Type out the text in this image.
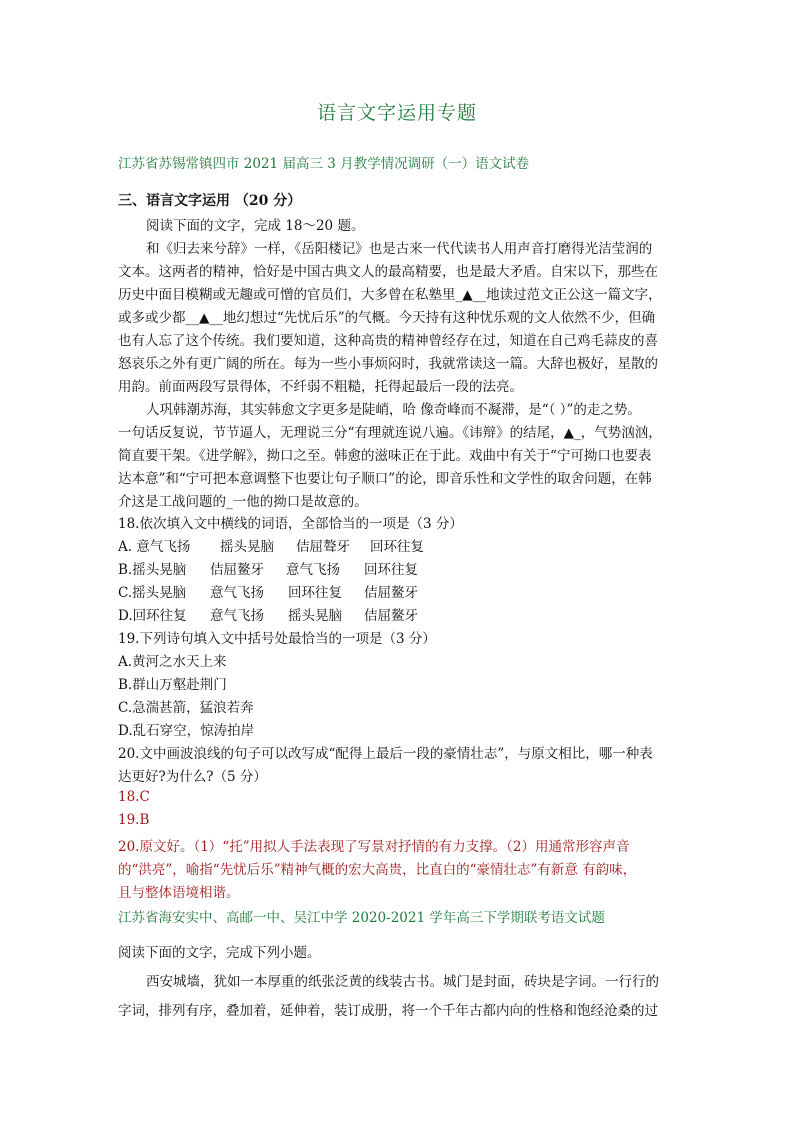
语言文字运用专题
江苏省苏锡常镇四市 2021 届高三 3 月教学情况调研（一）语文试卷
三、语言文字运用 （20 分）
阅读下面的文字，完成 18～20 题。
和《归去来兮辞》一样，《岳阳楼记》也是古来一代代读书人用声音打磨得光洁莹润的
文本。这两者的精神，恰好是中国古典文人的最高精要，也是最大矛盾。自宋以下，那些在
历史中面目模糊或无趣或可憎的官员们，大多曾在私塾里_▲__地读过范文正公这一篇文字，
或多或少都__▲__地幻想过“先忧后乐”的气概。今天持有这种忧乐观的文人依然不少，但确
也有人忘了这个传统。我们要知道，这种高贵的精神曾经存在过，知道在自己鸡毛蒜皮的喜
怒哀乐之外有更广阔的所在。每为一些小事烦闷时，我就常读这一篇。大辞也极好，星散的
用韵。前面两段写景得体，不纤弱不粗糙，托得起最后一段的法亮。
人巩韩潮苏海，其实韩愈文字更多是陡峭，哈 像奇峰而不凝滞，是“（ ）”的走之势。
一句话反复说，节节逼人，无理说三分“有理就连说八遍。《讳辩》的结尾，▲_，气势汹汹，
简直要干架。《进学解》，拗口之至。韩愈的滋味正在于此。戏曲中有关于“宁可拗口也要表
达本意”和“宁可把本意调整下也要让句子顺口”的论，即音乐性和文学性的取舍问题，在韩
介这是工战问题的_一他的拗口是故意的。
18.依次填入文中横线的词语，全部恰当的一项是（3 分）
A. 意气飞扬 摇头晃脑 佶屈聱牙 回环往复
B.摇头晃脑 佶屈鳌牙 意气飞扬 回环往复
C.摇头晃脑 意气飞扬 回环往复 佶屈鳌牙
D.回环往复 意气飞扬 摇头晃脑 佶屈鳌牙
19.下列诗句填入文中括号处最恰当的一项是（3 分）
A.黄河之水天上来
B.群山万壑赴荆门
C.急湍甚箭，猛浪若奔
D.乱石穿空，惊涛拍岸
20.文中画波浪线的句子可以改写成“配得上最后一段的豪情壮志”，与原文相比，哪一种表
达更好?为什么?（5 分）
18.C
19.B
20.原文好。（1）“托”用拟人手法表现了写景对抒情的有力支撑。（2）用通常形容声音
的“洪亮”，喻指“先忧后乐”精神气概的宏大高贵，比直白的“豪情壮志”有新意 有韵味，
且与整体语境相谐。
江苏省海安实中、高邮一中、吴江中学 2020-2021 学年高三下学期联考语文试题
阅读下面的文字，完成下列小题。
西安城墙，犹如一本厚重的纸张泛黄的线装古书。城门是封面，砖块是字词。一行行的
字词，排列有序，叠加着，延伸着，装订成册，将一个千年古都内向的性格和饱经沧桑的过
